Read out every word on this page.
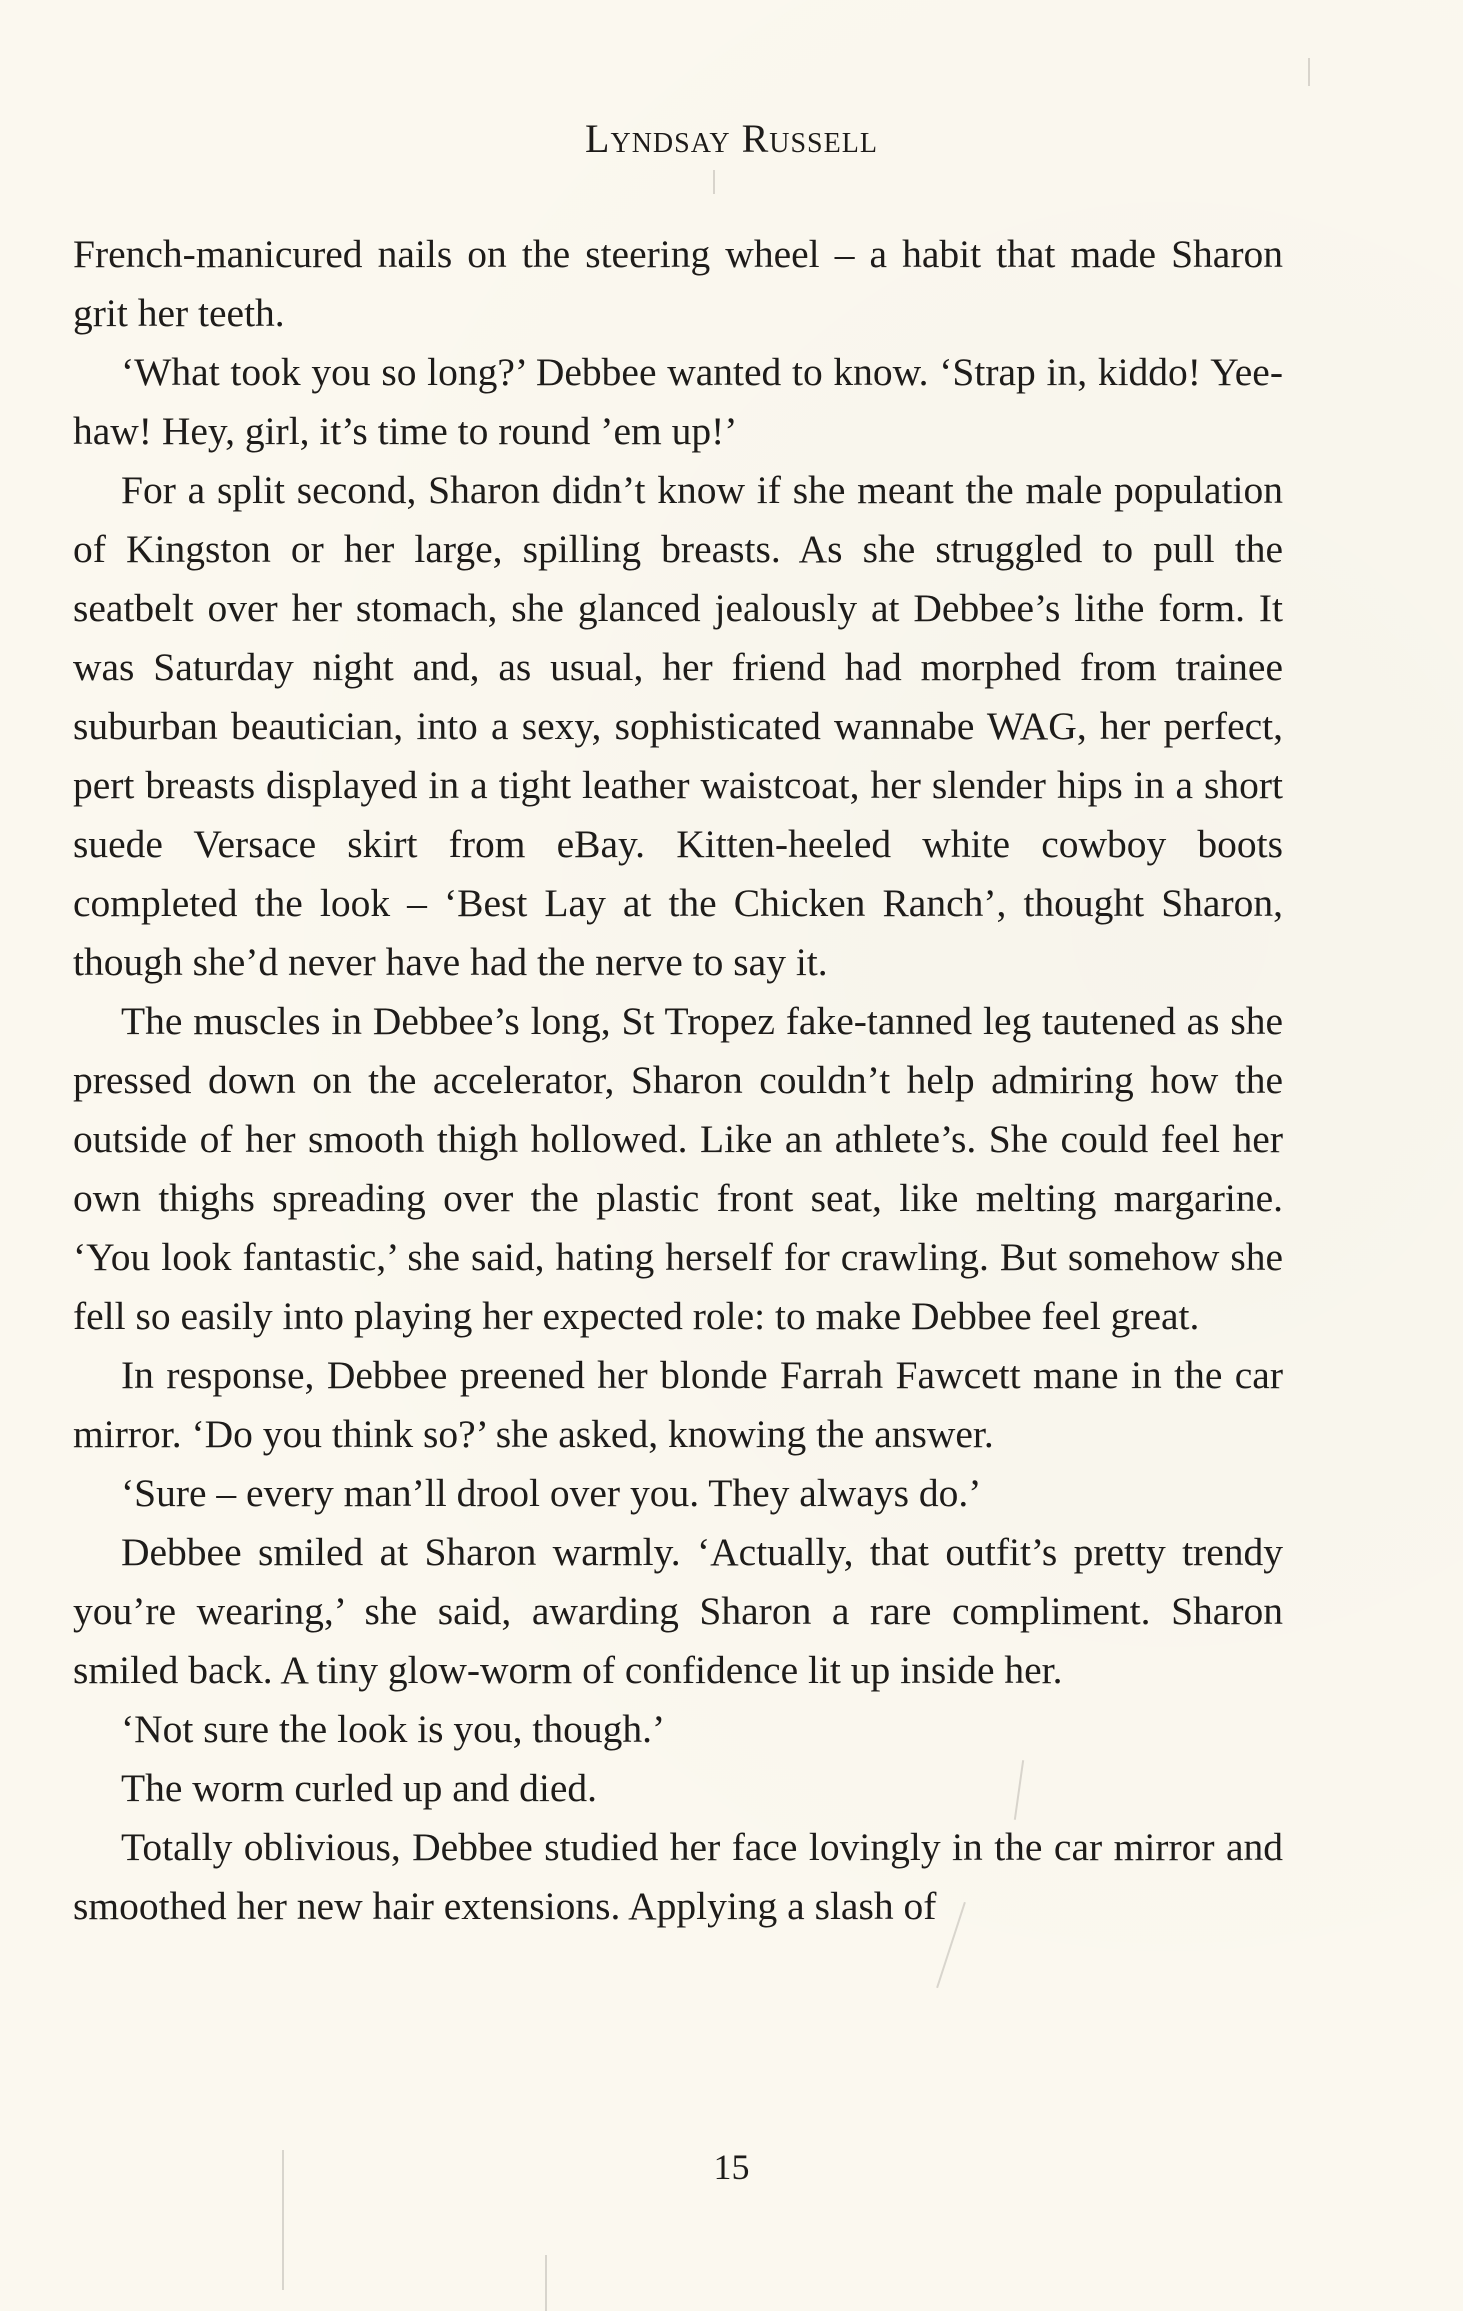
Lyndsay Russell

French-manicured nails on the steering wheel – a habit that made Sharon grit her teeth.

‘What took you so long?’ Debbee wanted to know. ‘Strap in, kiddo! Yee-haw! Hey, girl, it’s time to round ’em up!’

For a split second, Sharon didn’t know if she meant the male population of Kingston or her large, spilling breasts. As she struggled to pull the seatbelt over her stomach, she glanced jealously at Debbee’s lithe form. It was Saturday night and, as usual, her friend had morphed from trainee suburban beautician, into a sexy, sophisticated wannabe WAG, her perfect, pert breasts displayed in a tight leather waistcoat, her slender hips in a short suede Versace skirt from eBay. Kitten-heeled white cowboy boots completed the look – ‘Best Lay at the Chicken Ranch’, thought Sharon, though she’d never have had the nerve to say it.

The muscles in Debbee’s long, St Tropez fake-tanned leg tautened as she pressed down on the accelerator, Sharon couldn’t help admiring how the outside of her smooth thigh hollowed. Like an athlete’s. She could feel her own thighs spreading over the plastic front seat, like melting margarine. ‘You look fantastic,’ she said, hating herself for crawling. But somehow she fell so easily into playing her expected role: to make Debbee feel great.

In response, Debbee preened her blonde Farrah Fawcett mane in the car mirror. ‘Do you think so?’ she asked, knowing the answer.

‘Sure – every man’ll drool over you. They always do.’

Debbee smiled at Sharon warmly. ‘Actually, that outfit’s pretty trendy you’re wearing,’ she said, awarding Sharon a rare compliment. Sharon smiled back. A tiny glow-worm of confidence lit up inside her.

‘Not sure the look is you, though.’

The worm curled up and died.

Totally oblivious, Debbee studied her face lovingly in the car mirror and smoothed her new hair extensions. Applying a slash of

15
